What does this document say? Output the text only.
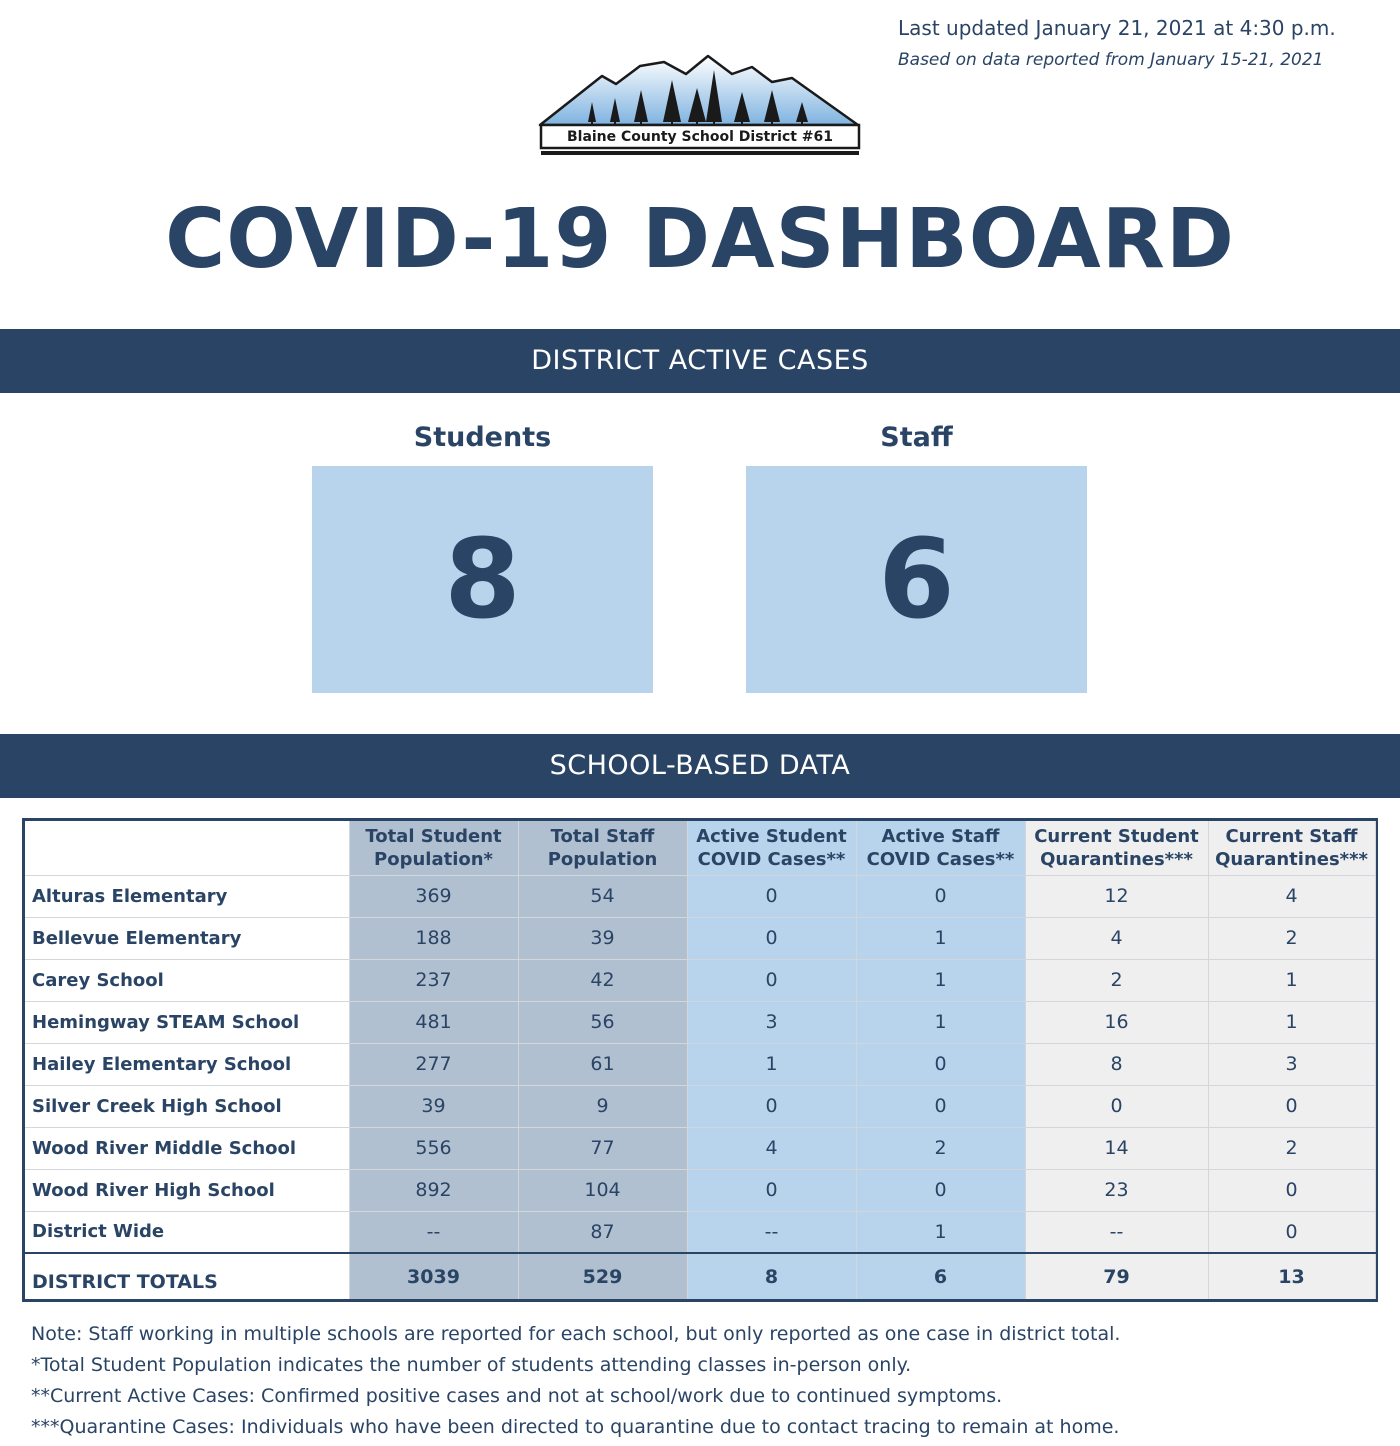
Last updated January 21, 2021 at 4:30 p.m.
Based on data reported from January 15-21, 2021
Blaine County School District #61
COVID-19 DASHBOARD
DISTRICT ACTIVE CASES
Students
8
Staff
6
SCHOOL-BASED DATA
	Total Student
Population*	Total Staff
Population	Active Student
COVID Cases**	Active Staff
COVID Cases**	Current Student
Quarantines***	Current Staff
Quarantines***
Alturas Elementary	369	54	0	0	12	4
Bellevue Elementary	188	39	0	1	4	2
Carey School	237	42	0	1	2	1
Hemingway STEAM School	481	56	3	1	16	1
Hailey Elementary School	277	61	1	0	8	3
Silver Creek High School	39	9	0	0	0	0
Wood River Middle School	556	77	4	2	14	2
Wood River High School	892	104	0	0	23	0
District Wide	--	87	--	1	--	0
DISTRICT TOTALS	3039	529	8	6	79	13
Note: Staff working in multiple schools are reported for each school, but only reported as one case in district total.
*Total Student Population indicates the number of students attending classes in-person only.
**Current Active Cases: Confirmed positive cases and not at school/work due to continued symptoms.
***Quarantine Cases: Individuals who have been directed to quarantine due to contact tracing to remain at home.
